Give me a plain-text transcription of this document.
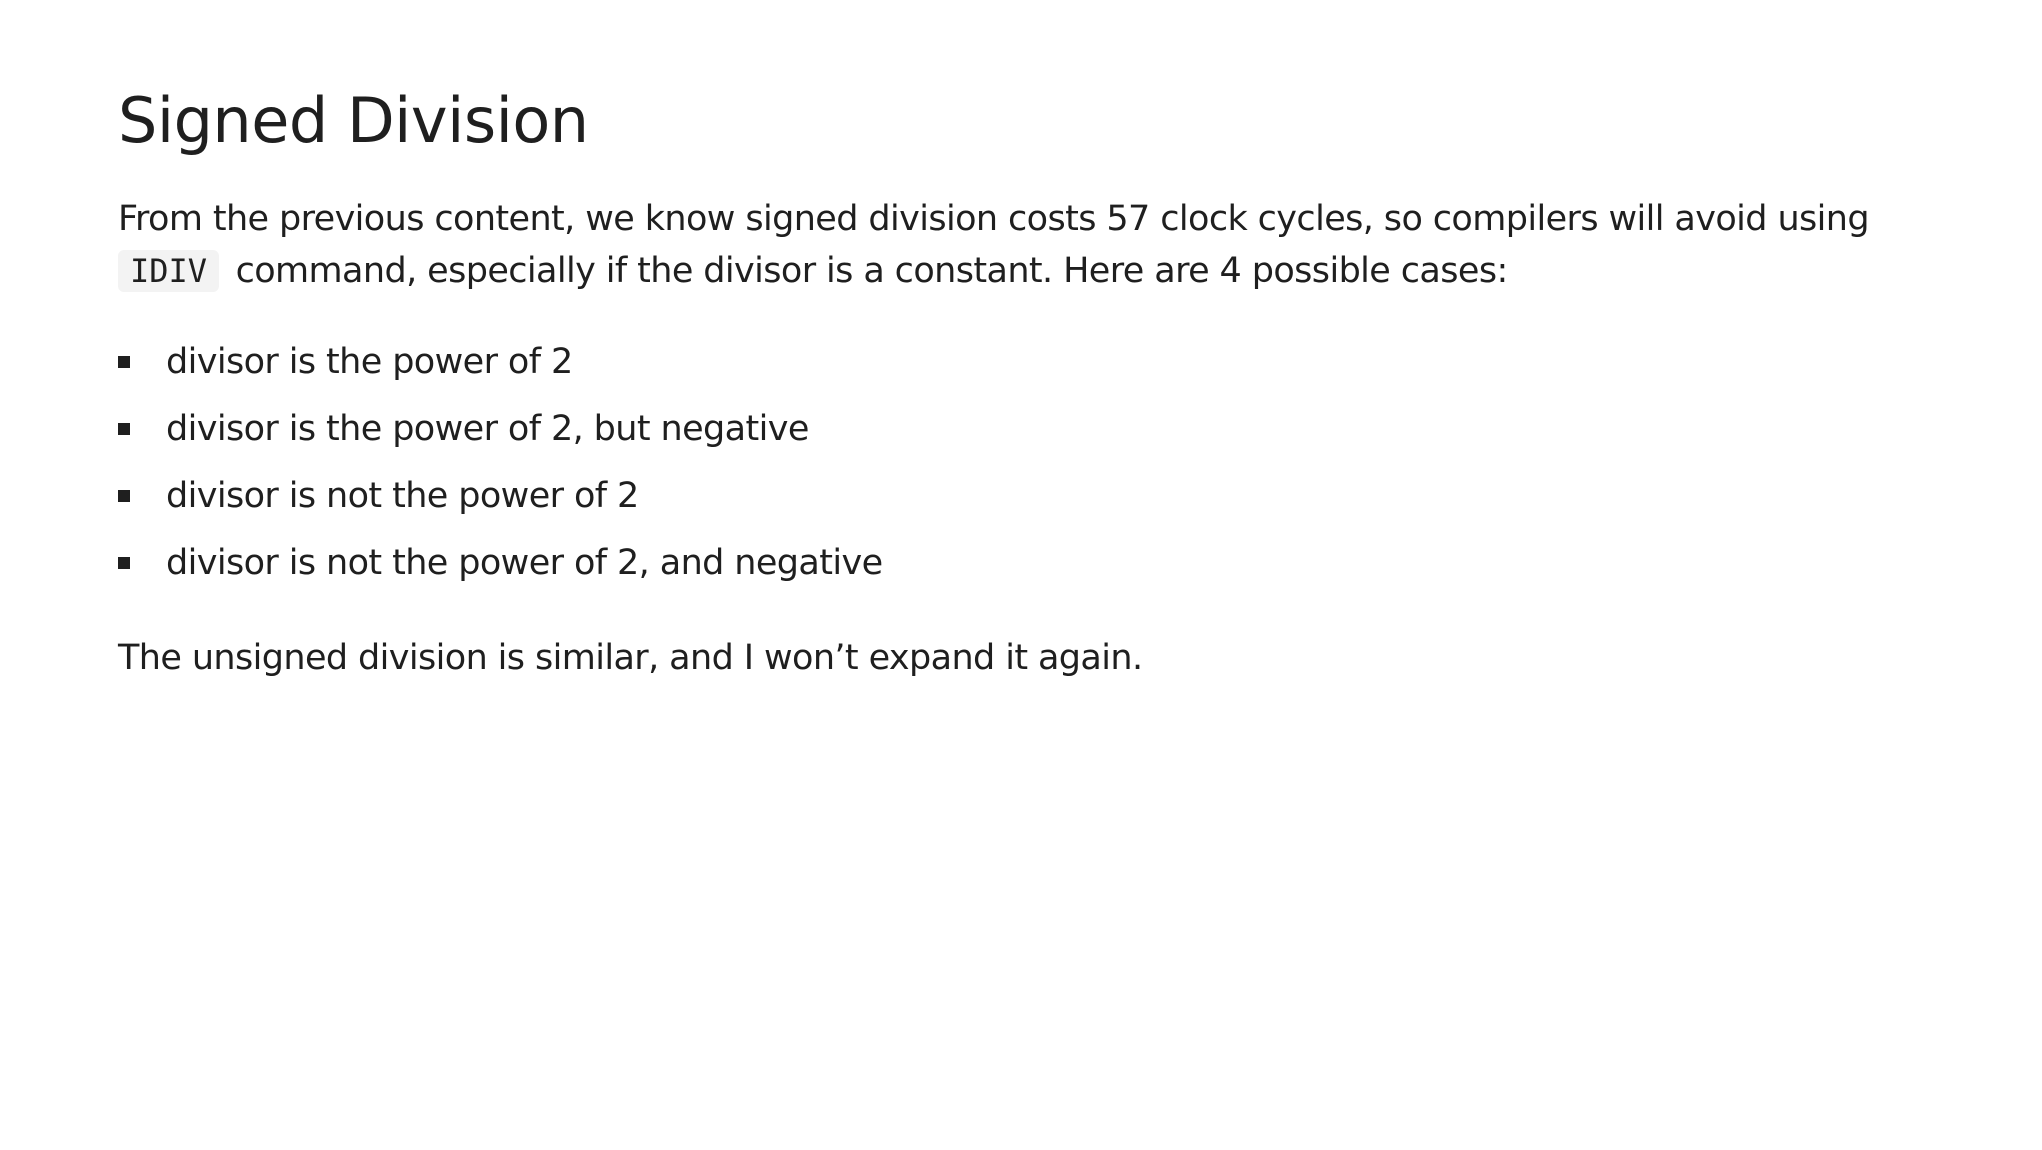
Signed Division

From the previous content, we know signed division costs 57 clock cycles, so compilers will avoid using
IDIV command, especially if the divisor is a constant. Here are 4 possible cases:

divisor is the power of 2
divisor is the power of 2, but negative
divisor is not the power of 2
divisor is not the power of 2, and negative

The unsigned division is similar, and I won’t expand it again.
